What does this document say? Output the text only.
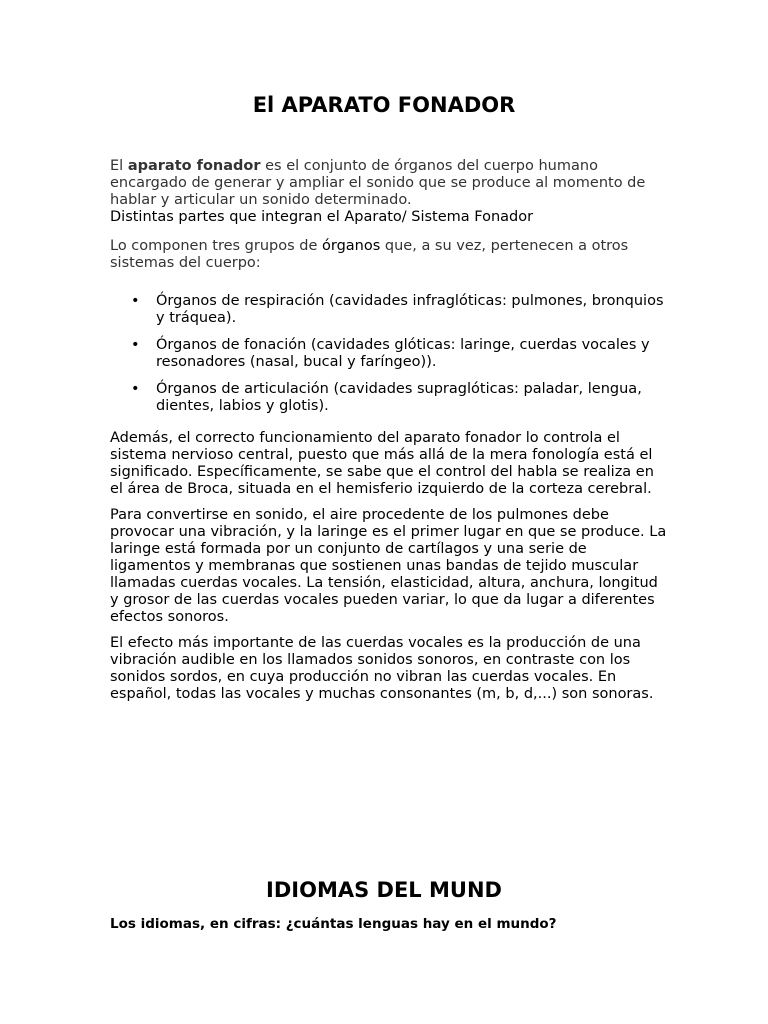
El APARATO FONADOR

El aparato fonador es el conjunto de órganos del cuerpo humano encargado de generar y ampliar el sonido que se produce al momento de hablar y articular un sonido determinado.

Distintas partes que integran el Aparato/ Sistema Fonador

Lo componen tres grupos de órganos que, a su vez, pertenecen a otros sistemas del cuerpo:

• Órganos de respiración (cavidades infraglóticas: pulmones, bronquios y tráquea).
• Órganos de fonación (cavidades glóticas: laringe, cuerdas vocales y resonadores (nasal, bucal y faríngeo)).
• Órganos de articulación (cavidades supraglóticas: paladar, lengua, dientes, labios y glotis).

Además, el correcto funcionamiento del aparato fonador lo controla el sistema nervioso central, puesto que más allá de la mera fonología está el significado. Específicamente, se sabe que el control del habla se realiza en el área de Broca, situada en el hemisferio izquierdo de la corteza cerebral.

Para convertirse en sonido, el aire procedente de los pulmones debe provocar una vibración, y la laringe es el primer lugar en que se produce. La laringe está formada por un conjunto de cartílagos y una serie de ligamentos y membranas que sostienen unas bandas de tejido muscular llamadas cuerdas vocales. La tensión, elasticidad, altura, anchura, longitud y grosor de las cuerdas vocales pueden variar, lo que da lugar a diferentes efectos sonoros.

El efecto más importante de las cuerdas vocales es la producción de una vibración audible en los llamados sonidos sonoros, en contraste con los sonidos sordos, en cuya producción no vibran las cuerdas vocales. En español, todas las vocales y muchas consonantes (m, b, d,...) son sonoras.

IDIOMAS DEL MUND
Los idiomas, en cifras: ¿cuántas lenguas hay en el mundo?
